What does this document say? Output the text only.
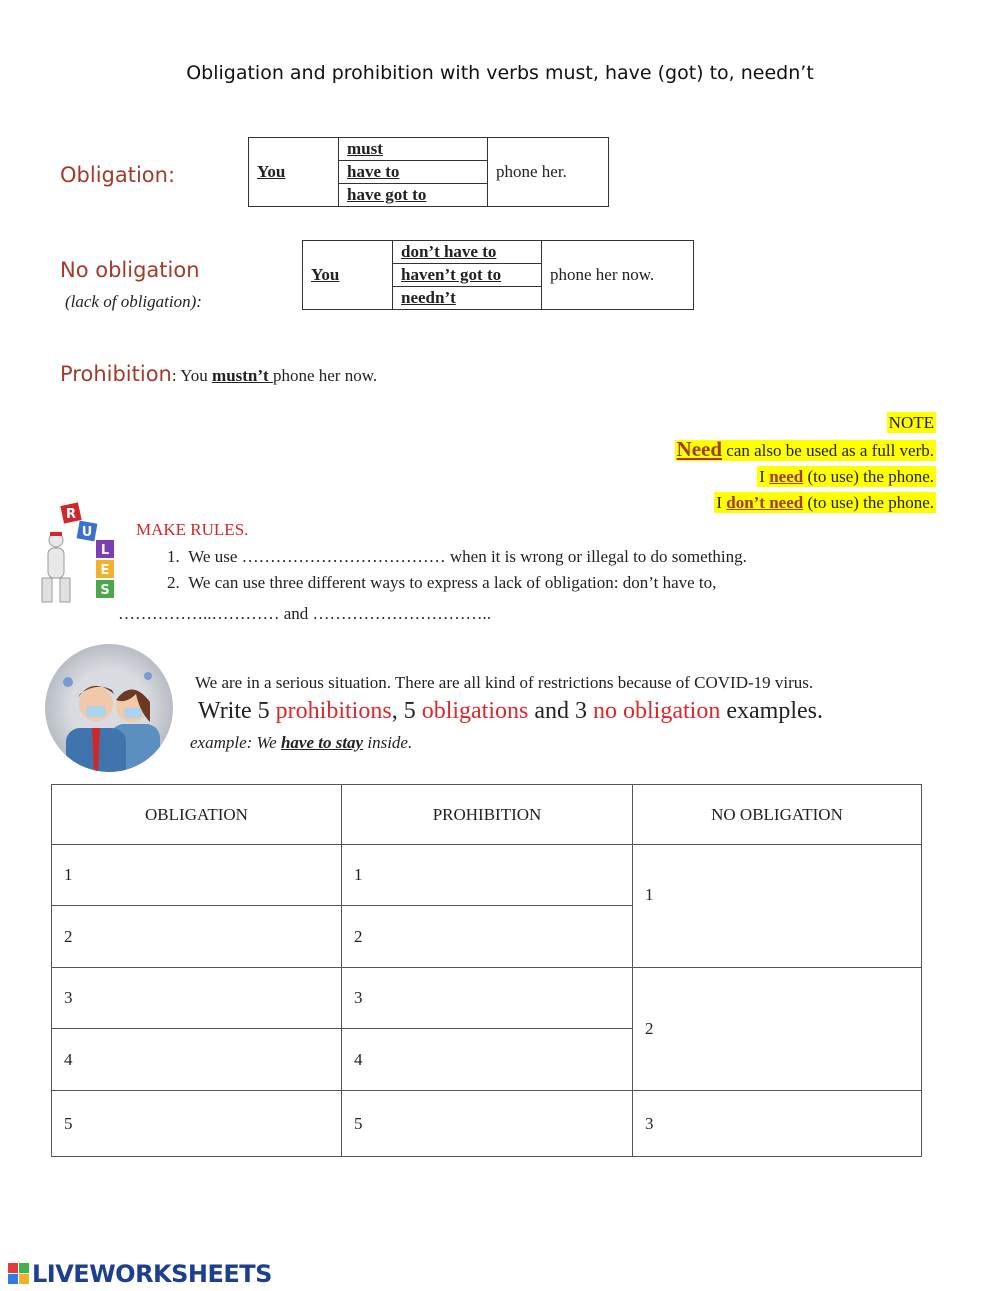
Obligation and prohibition with verbs must, have (got) to, needn’t
Obligation:	You	must	phone her.
have to
have got to
No obligation
(lack of obligation):
You	don’t have to	phone her now.
haven’t got to
needn’t
Prohibition: You mustn’t phone her now.
NOTE
Need can also be used as a full verb.
I need (to use) the phone.
I don’t need (to use) the phone.
R
U
L
E
S
MAKE RULES.
1. We use ……………………………… when it is wrong or illegal to do something.
2. We can use three different ways to express a lack of obligation: don’t have to,
……………..………… and …………………………..
We are in a serious situation. There are all kind of restrictions because of COVID-19 virus.
Write 5 prohibitions, 5 obligations and 3 no obligation examples.
example: We have to stay inside.
OBLIGATION	PROHIBITION	NO OBLIGATION
1	1	1
2	2	
3	3	2
4	4	
5	5	3
LIVEWORKSHEETS
